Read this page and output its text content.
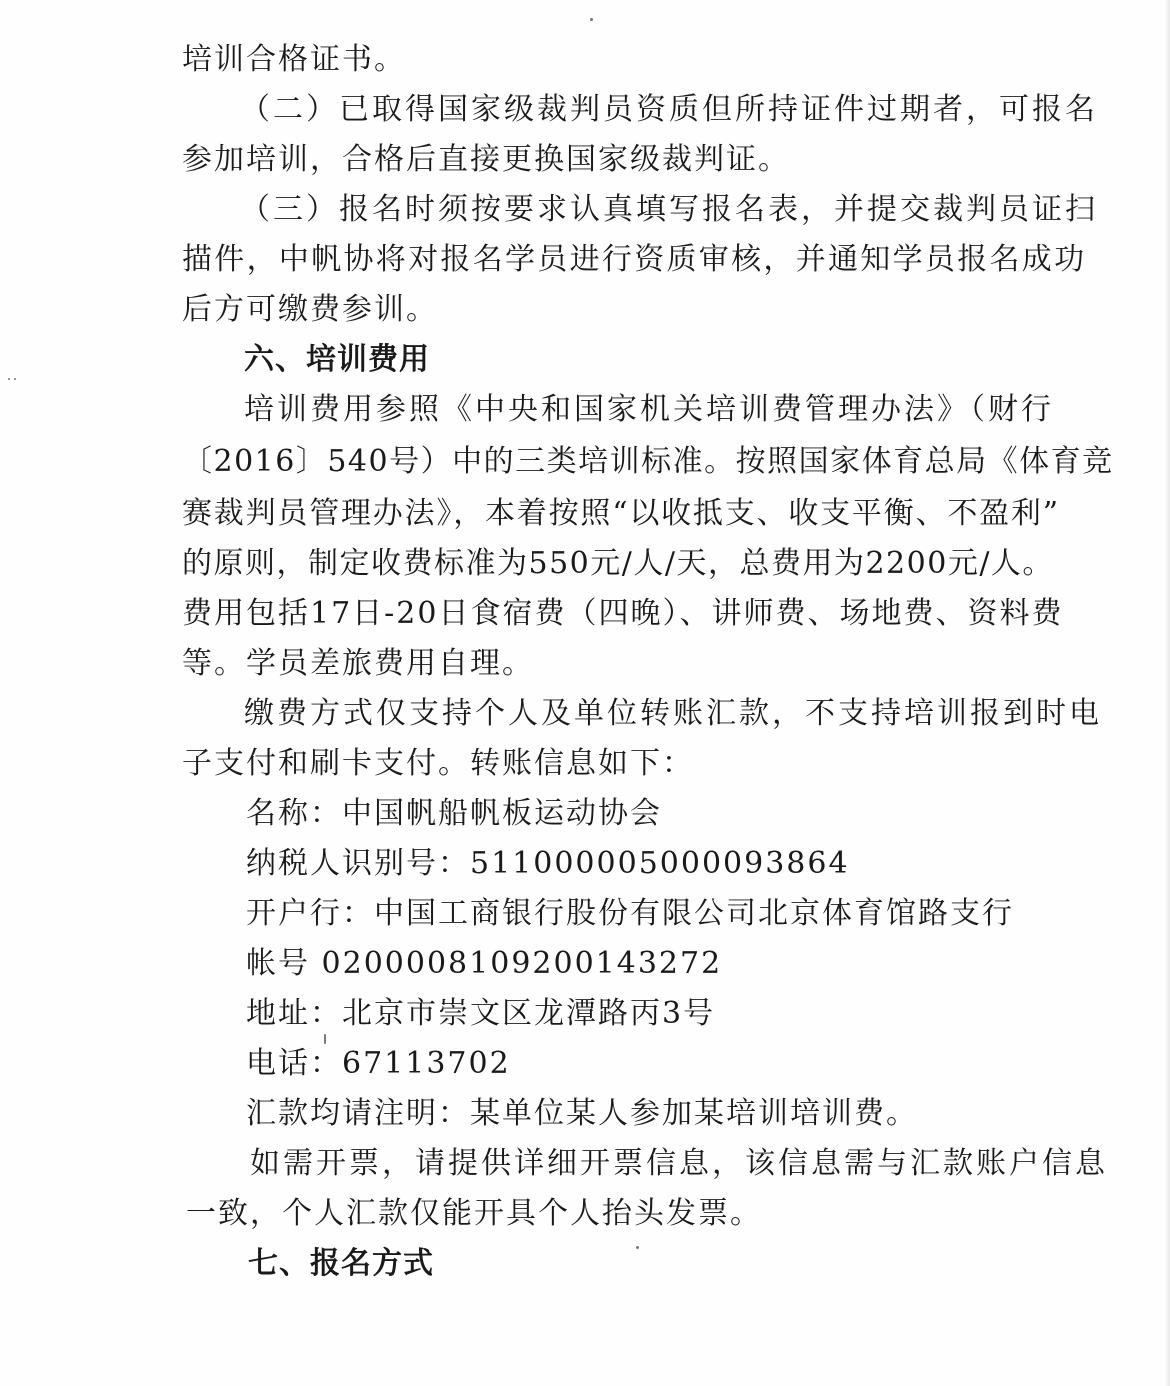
培训合格证书。
（二）已取得国家级裁判员资质但所持证件过期者，可报名
参加培训，合格后直接更换国家级裁判证。
（三）报名时须按要求认真填写报名表，并提交裁判员证扫
描件，中帆协将对报名学员进行资质审核，并通知学员报名成功
后方可缴费参训。
六、培训费用
培训费用参照《中央和国家机关培训费管理办法》（财行
〔2016〕540号）中的三类培训标准。按照国家体育总局《体育竞
赛裁判员管理办法》，本着按照“以收抵支、收支平衡、不盈利”
的原则，制定收费标准为550元/人/天，总费用为2200元/人。
费用包括17日-20日食宿费（四晚）、讲师费、场地费、资料费
等。学员差旅费用自理。
缴费方式仅支持个人及单位转账汇款，不支持培训报到时电
子支付和刷卡支付。转账信息如下：
名称：中国帆船帆板运动协会
纳税人识别号：511000005000093864
开户行：中国工商银行股份有限公司北京体育馆路支行
帐号 0200008109200143272
地址：北京市崇文区龙潭路丙3号
电话：67113702
汇款均请注明：某单位某人参加某培训培训费。
如需开票，请提供详细开票信息，该信息需与汇款账户信息
一致，个人汇款仅能开具个人抬头发票。
七、报名方式
